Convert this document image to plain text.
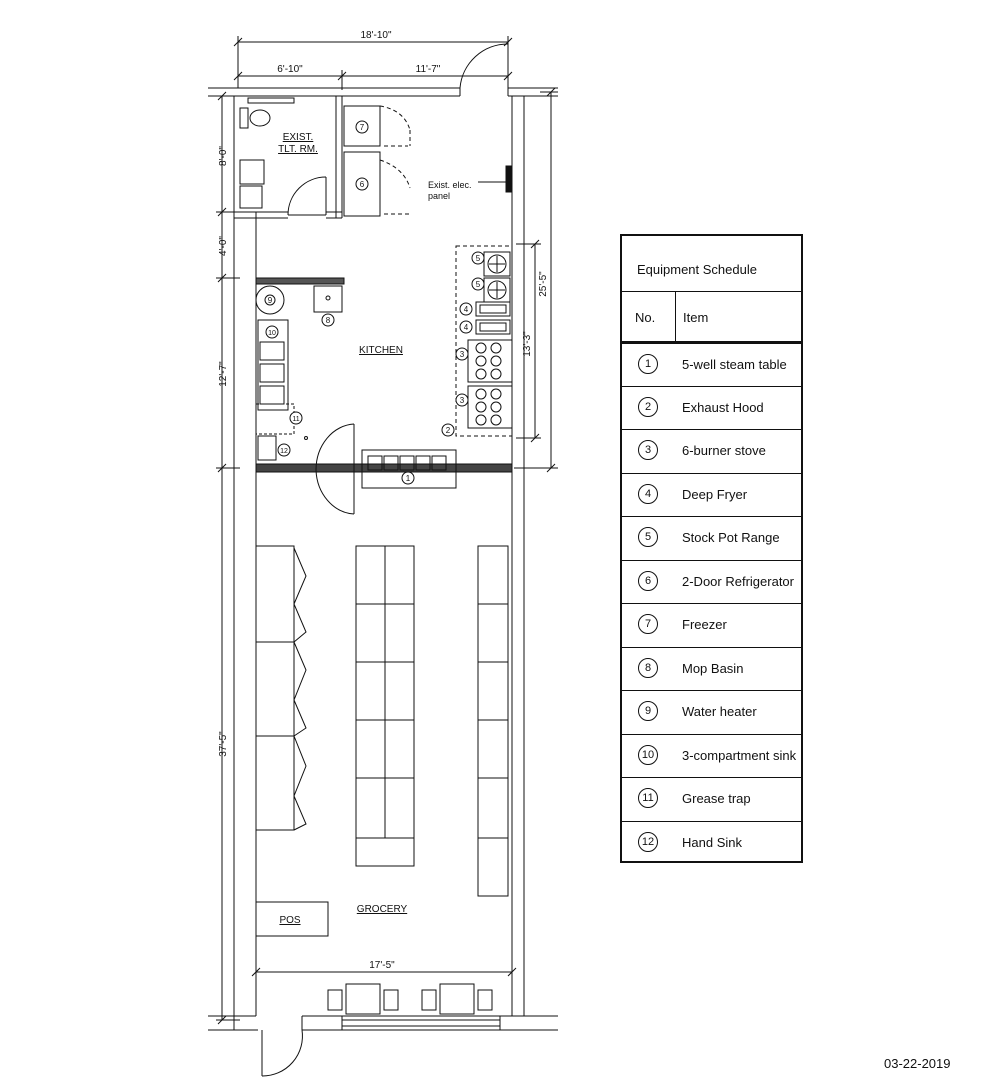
1
2
3
3
4
4
5
5
6
7
8
9
10
11
12
18'-10"
6'-10"	11'-7"
8'-0"
4'-0"
12'-7"
37'-5"
25'-5"
13'-3"
17'-5"
EXIST.
TLT. RM.
KITCHEN
GROCERY
POS
Exist. elec.
panel
Equipment Schedule
No. Item
1	5-well steam table
2	Exhaust Hood
3	6-burner stove
4	Deep Fryer
5	Stock Pot Range
6	2-Door Refrigerator
7	Freezer
8	Mop Basin
9	Water heater
10 3-compartment sink
11	Grease trap
12 Hand Sink
03-22-2019
